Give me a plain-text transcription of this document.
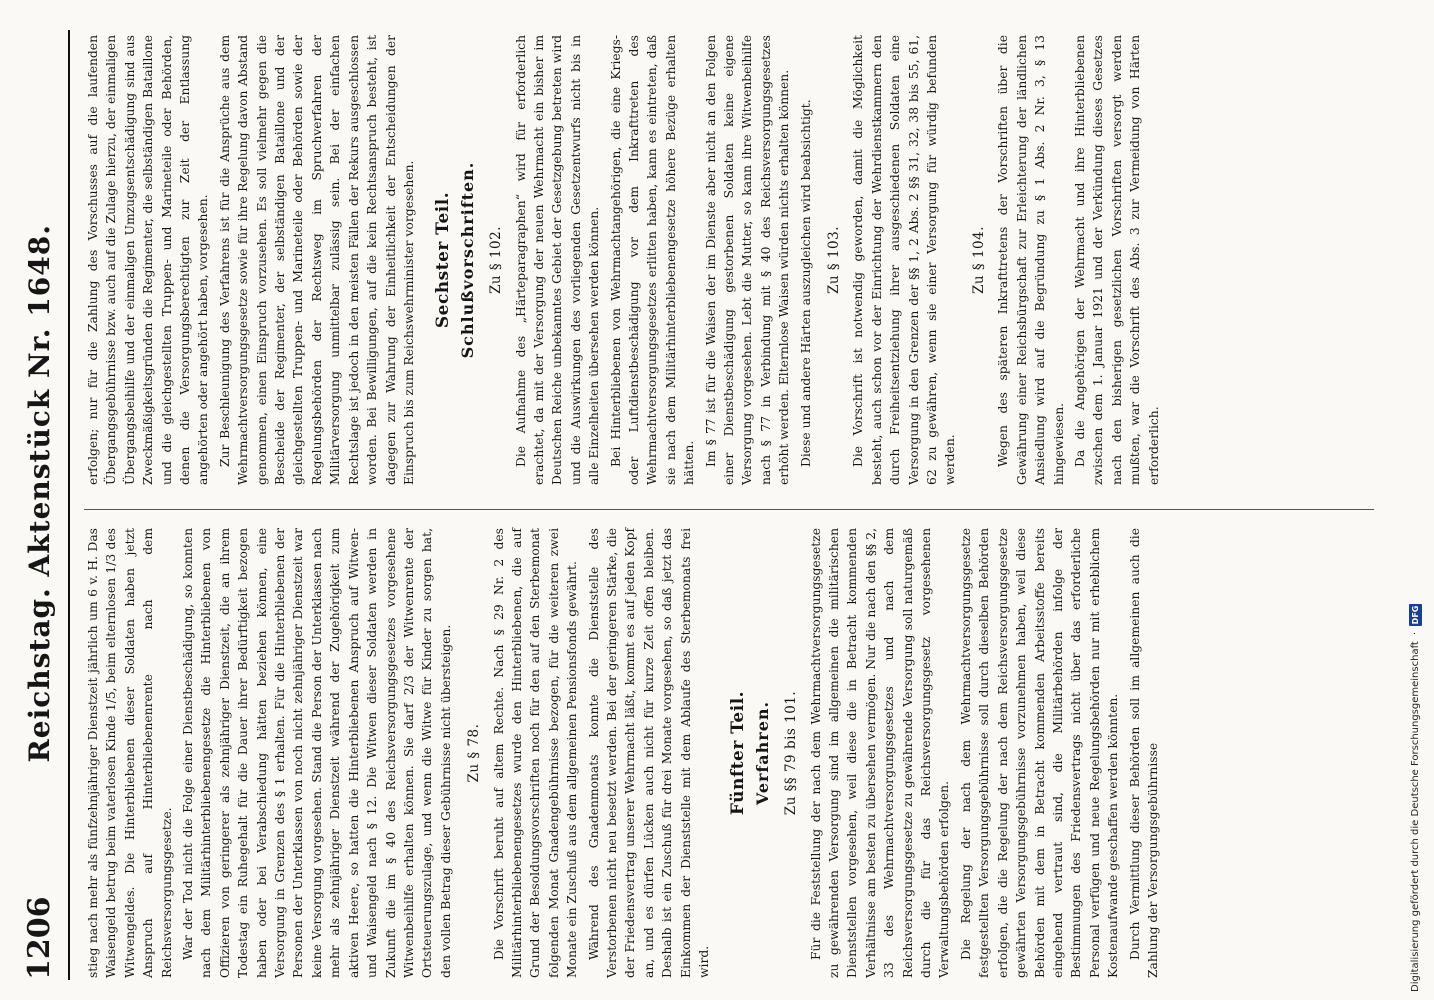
1206
Reichstag. Aktenstück Nr. 1648. stieg nach mehr als fünfzehnjähriger Dienstzeit jährlich um 6 v. H. Das Waisengeld betrug beim vaterlosen Kinde 1/5, beim elternlosen 1/3 des Witwengeldes. Die Hinterbliebenen dieser Soldaten haben jetzt Anspruch auf Hinterbliebenenrente nach dem Reichsversorgungsgesetze. War der Tod nicht die Folge einer Dienstbeschädigung, so konnten nach dem Militärhinterbliebenengesetze die Hinterbliebenen von Offizieren von geringerer als zehnjähriger Dienstzeit, die an ihrem Todestag ein Ruhegehalt für die Dauer ihrer Bedürftigkeit bezogen haben oder bei Verabschiedung hätten beziehen können, eine Versorgung in Grenzen des § 1 erhalten. Für die Hinterbliebenen der Personen der Unterklassen von noch nicht zehnjähriger Dienstzeit war keine Versorgung vorgesehen. Stand die Person der Unterklassen nach mehr als zehnjähriger Dienstzeit während der Zugehörigkeit zum aktiven Heere, so hatten die Hinterbliebenen Anspruch auf Witwen- und Waisengeld nach § 12. Die Witwen dieser Soldaten werden in Zukunft die im § 40 des Reichsversorgungsgesetzes vorgesehene Witwenbeihilfe erhalten können. Sie darf 2/3 der Witwenrente der Ortsteuerungszulage, und wenn die Witwe für Kinder zu sorgen hat, den vollen Betrag dieser Gebührnisse nicht übersteigen. Zu § 78. Die Vorschrift beruht auf altem Rechte. Nach § 29 Nr. 2 des Militärhinterbliebenengesetzes wurde den Hinterbliebenen, die auf Grund der Besoldungsvorschriften noch für den auf den Sterbemonat folgenden Monat Gnadengebührnisse bezogen, für die weiteren zwei Monate ein Zuschuß aus dem allgemeinen Pensionsfonds gewährt. Während des Gnadenmonats konnte die Dienststelle des Verstorbenen nicht neu besetzt werden. Bei der geringeren Stärke, die der Friedensvertrag unserer Wehrmacht läßt, kommt es auf jeden Kopf an, und es dürfen Lücken auch nicht für kurze Zeit offen bleiben. Deshalb ist ein Zuschuß für drei Monate vorgesehen, so daß jetzt das Einkommen der Dienststelle mit dem Ablaufe des Sterbemonats frei wird.

Fünfter Teil. Verfahren. Zu §§ 79 bis 101. Für die Feststellung der nach dem Wehrmachtversorgungsgesetze zu gewährenden Versorgung sind im allgemeinen die militärischen Dienststellen vorgesehen, weil diese die in Betracht kommenden Verhältnisse am besten zu übersehen vermögen. Nur die nach den §§ 2, 33 des Wehrmachtversorgungsgesetzes und nach dem Reichsversorgungsgesetze zu gewährende Versorgung soll naturgemäß durch die für das Reichsversorgungsgesetz vorgesehenen Verwaltungsbehörden erfolgen. Die Regelung der nach dem Wehrmachtversorgungsgesetze festgestellten Versorgungsgebührnisse soll durch dieselben Behörden erfolgen, die die Regelung der nach dem Reichsversorgungsgesetze gewährten Versorgungsgebührnisse vorzunehmen haben, weil diese Behörden mit dem in Betracht kommenden Arbeitsstoffe bereits eingehend vertraut sind, die Militärbehörden infolge der Bestimmungen des Friedensvertrags nicht über das erforderliche Personal verfügen und neue Regelungsbehörden nur mit erheblichem Kostenaufwande geschaffen werden könnten. Durch Vermittlung dieser Behörden soll im allgemeinen auch die Zahlung der Versorgungsgebührnisse

erfolgen; nur für die Zahlung des Vorschusses auf die laufenden Übergangsgebührnisse bzw. auch auf die Zulage hierzu, der einmaligen Übergangsbeihilfe und der einmaligen Umzugsentschädigung sind aus Zweckmäßigkeitsgründen die Regimenter, die selbständigen Bataillone und die gleichgestellten Truppen- und Marineteile oder Behörden, denen die Versorgungsberechtigten zur Zeit der Entlassung angehörten oder angehört haben, vorgesehen. Zur Beschleunigung des Verfahrens ist für die Ansprüche aus dem Wehrmachtversorgungsgesetze sowie für ihre Regelung davon Abstand genommen, einen Einspruch vorzusehen. Es soll vielmehr gegen die Bescheide der Regimenter, der selbständigen Bataillone und der gleichgestellten Truppen- und Marineteile oder Behörden sowie der Regelungsbehörden der Rechtsweg im Spruchverfahren der Militärversorgung unmittelbar zulässig sein. Bei der einfachen Rechtslage ist jedoch in den meisten Fällen der Rekurs ausgeschlossen worden. Bei Bewilligungen, auf die kein Rechtsanspruch besteht, ist dagegen zur Wahrung der Einheitlichkeit der Entscheidungen der Einspruch bis zum Reichswehrminister vorgesehen. Sechster Teil. Schlußvorschriften. Zu § 102. Die Aufnahme des „Härteparagraphen“ wird für erforderlich erachtet, da mit der Versorgung der neuen Wehrmacht ein bisher im Deutschen Reiche unbekanntes Gebiet der Gesetzgebung betreten wird und die Auswirkungen des vorliegenden Gesetzentwurfs nicht bis in alle Einzelheiten übersehen werden können. Bei Hinterbliebenen von Wehrmachtangehörigen, die eine Kriegs- oder Luftdienstbeschädigung vor dem Inkrafttreten des Wehrmachtversorgungsgesetzes erlitten haben, kann es eintreten, daß sie nach dem Militärhinterbliebenengesetze höhere Bezüge erhalten hätten. Im § 77 ist für die Waisen der im Dienste aber nicht an den Folgen einer Dienstbeschädigung gestorbenen Soldaten keine eigene Versorgung vorgesehen. Lebt die Mutter, so kann ihre Witwenbeihilfe nach § 77 in Verbindung mit § 40 des Reichsversorgungsgesetzes erhöht werden. Elternlose Waisen würden nichts erhalten können. Diese und andere Härten auszugleichen wird beabsichtigt. Zu § 103. Die Vorschrift ist notwendig geworden, damit die Möglichkeit besteht, auch schon vor der Einrichtung der Wehrdienstkammern den durch Freiheitsentziehung ihrer ausgeschiedenen Soldaten eine Versorgung in den Grenzen der §§ 1, 2 Abs. 2 §§ 31, 32, 38 bis 55, 61, 62 zu gewähren, wenn sie einer Versorgung für würdig befunden werden.

Zu § 104. Wegen des späteren Inkrafttretens der Vorschriften über die Gewährung einer Reichsbürgschaft zur Erleichterung der ländlichen Ansiedlung wird auf die Begründung zu § 1 Abs. 2 Nr. 3, § 13 hingewiesen. Da die Angehörigen der Wehrmacht und ihre Hinterbliebenen zwischen dem 1. Januar 1921 und der Verkündung dieses Gesetzes nach den bisherigen gesetzlichen Vorschriften versorgt werden mußten, war die Vorschrift des Abs. 3 zur Vermeidung von Härten erforderlich.

Digitalisierung gefördert durch die Deutsche Forschungsgemeinschaft
·
DFG
